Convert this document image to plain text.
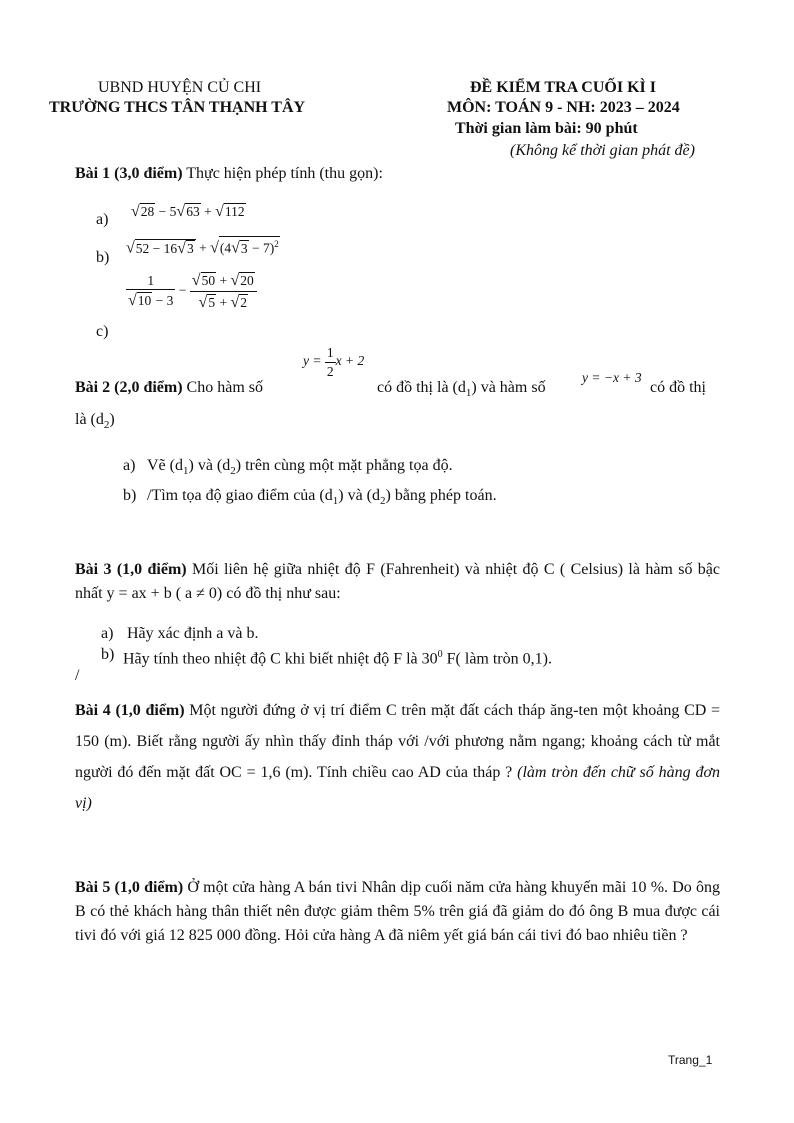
UBND HUYỆN CỦ CHI
TRƯỜNG THCS TÂN THẠNH TÂY
ĐỀ KIỂM TRA CUỐI KÌ I
MÔN: TOÁN 9 - NH: 2023 – 2024
Thời gian làm bài: 90 phút
(Không kể thời gian phát đề)
Bài 1 (3,0 điểm) Thực hiện phép tính (thu gọn):
a) √28 − 5√63 + √112
b)
$√52 - 16√3 + √(4√3 - 7)^2$
$\frac{1}{√10 - 3} - \frac{√50 + √20}{√5 + √2}$
c)
Bài 2 (2,0 điểm) Cho hàm số
$y = \frac{1}{2}$ x + 2
có đồ thị là $(d_1)$ và hàm số
y = −x + 3
có đồ thị
là $(d_2)$
a) Vẽ $(d_1)$ và $(d_2)$ trên cùng một mặt phẳng tọa độ.
b) /Tìm tọa độ giao điểm của $(d_1)$ và $(d_2)$ bằng phép toán.

Bài 3 (1,0 điểm) Mối liên hệ giữa nhiệt độ F (Fahrenheit) và nhiệt độ C ( Celsius) là hàm số bậc nhất y = ax + b ( a ≠ 0) có đồ thị như sau:

a) Hãy xác định a và b.
b) Hãy tính theo nhiệt độ C khi biết nhiệt độ F là $30^0$ F( làm tròn 0,1).
/

Bài 4 (1,0 điểm) Một người đứng ở vị trí điểm C trên mặt đất cách tháp ăng-ten một khoảng CD = 150 (m). Biết rằng người ấy nhìn thấy đỉnh tháp với /với phương nằm ngang; khoảng cách từ mắt người đó đến mặt đất OC = 1,6 (m). Tính chiều cao AD của tháp ? (làm tròn đến chữ số hàng đơn vị)

Bài 5 (1,0 điểm) Ở một cửa hàng A bán tivi Nhân dịp cuối năm cửa hàng khuyến mãi 10 %. Do ông B có thẻ khách hàng thân thiết nên được giảm thêm 5% trên giá đã giảm do đó ông B mua được cái tivi đó với giá 12 825 000 đồng. Hỏi cửa hàng A đã niêm yết giá bán cái tivi đó bao nhiêu tiền ?

Trang_1
